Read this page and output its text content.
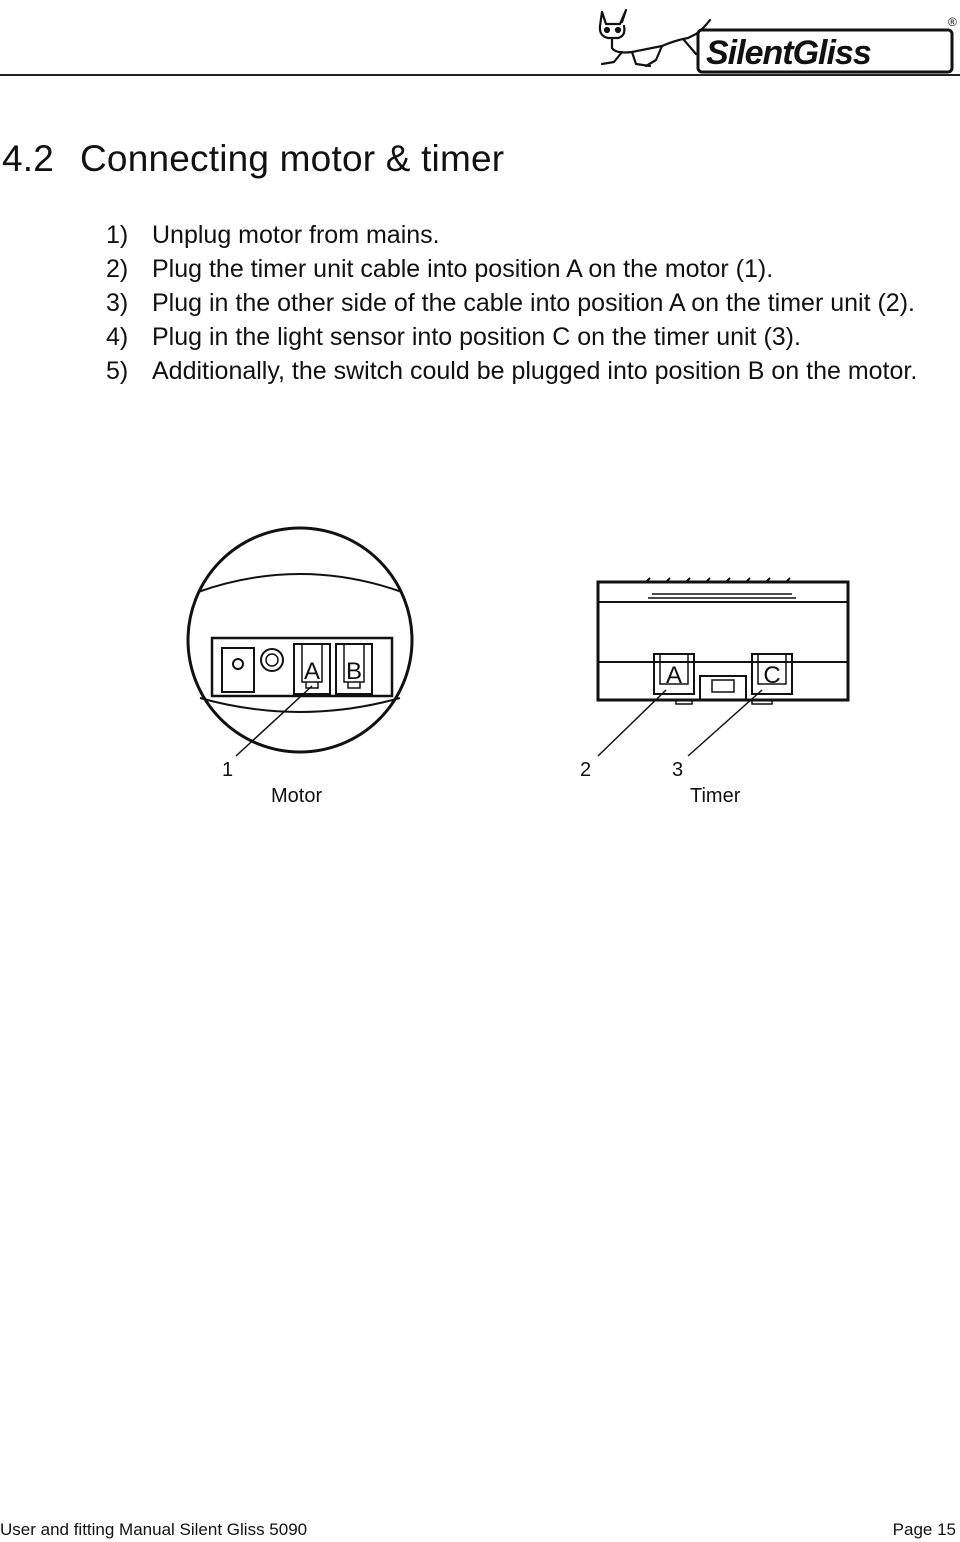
SilentGliss
®
4.2 Connecting motor & timer
1) Unplug motor from mains.
2) Plug the timer unit cable into position A on the motor (1).
3) Plug in the other side of the cable into position A on the timer unit (2).
4) Plug in the light sensor into position C on the timer unit (3).
5) Additionally, the switch could be plugged into position B on the motor.
A B	A	C
1
Motor
2	3
Timer
User and fitting Manual Silent Gliss 5090	Page 15
